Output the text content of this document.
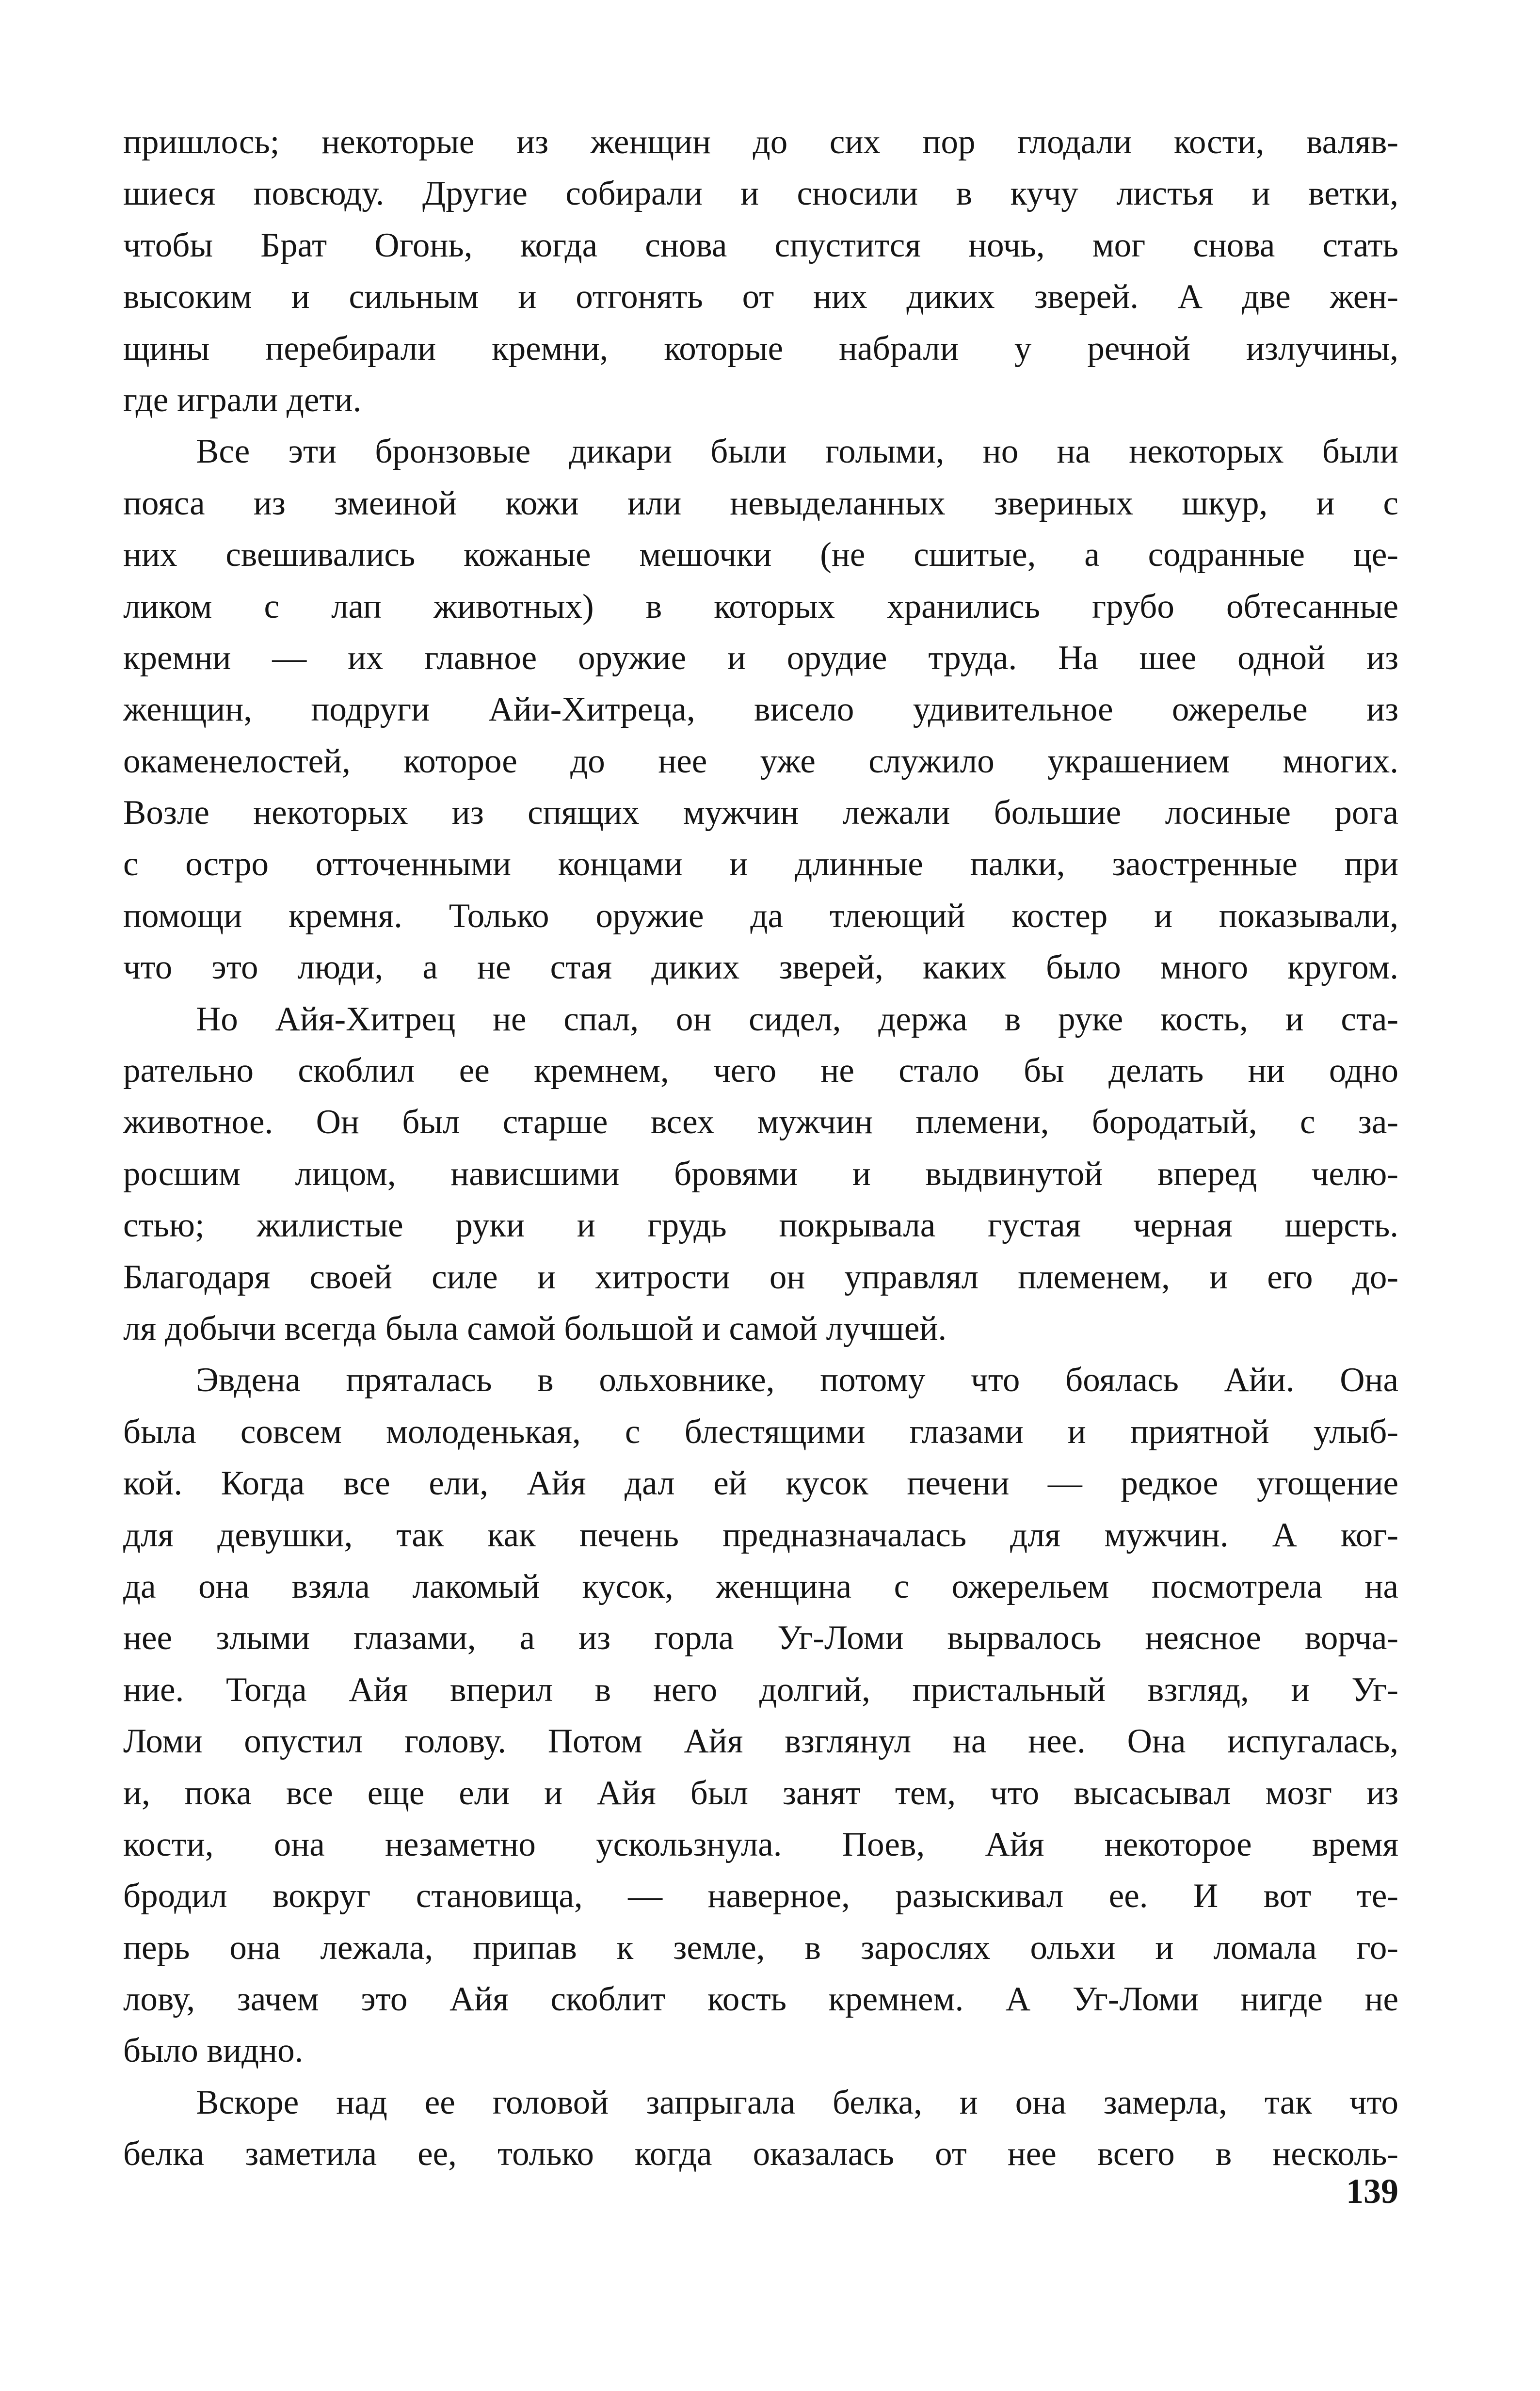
пришлось; некоторые из женщин до сих пор глодали кости, валяв-
шиеся повсюду. Другие собирали и сносили в кучу листья и ветки,
чтобы Брат Огонь, когда снова спустится ночь, мог снова стать
высоким и сильным и отгонять от них диких зверей. А две жен-
щины перебирали кремни, которые набрали у речной излучины,
где играли дети.
Все эти бронзовые дикари были голыми, но на некоторых были
пояса из змеиной кожи или невыделанных звериных шкур, и с
них свешивались кожаные мешочки (не сшитые, а содранные це-
ликом с лап животных) в которых хранились грубо обтесанные
кремни — их главное оружие и орудие труда. На шее одной из
женщин, подруги Айи-Хитреца, висело удивительное ожерелье из
окаменелостей, которое до нее уже служило украшением многих.
Возле некоторых из спящих мужчин лежали большие лосиные рога
с остро отточенными концами и длинные палки, заостренные при
помощи кремня. Только оружие да тлеющий костер и показывали,
что это люди, а не стая диких зверей, каких было много кругом.
Но Айя-Хитрец не спал, он сидел, держа в руке кость, и ста-
рательно скоблил ее кремнем, чего не стало бы делать ни одно
животное. Он был старше всех мужчин племени, бородатый, с за-
росшим лицом, нависшими бровями и выдвинутой вперед челю-
стью; жилистые руки и грудь покрывала густая черная шерсть.
Благодаря своей силе и хитрости он управлял племенем, и его до-
ля добычи всегда была самой большой и самой лучшей.
Эвдена пряталась в ольховнике, потому что боялась Айи. Она
была совсем молоденькая, с блестящими глазами и приятной улыб-
кой. Когда все ели, Айя дал ей кусок печени — редкое угощение
для девушки, так как печень предназначалась для мужчин. А ког-
да она взяла лакомый кусок, женщина с ожерельем посмотрела на
нее злыми глазами, а из горла Уг-Ломи вырвалось неясное ворча-
ние. Тогда Айя вперил в него долгий, пристальный взгляд, и Уг-
Ломи опустил голову. Потом Айя взглянул на нее. Она испугалась,
и, пока все еще ели и Айя был занят тем, что высасывал мозг из
кости, она незаметно ускользнула. Поев, Айя некоторое время
бродил вокруг становища, — наверное, разыскивал ее. И вот те-
перь она лежала, припав к земле, в зарослях ольхи и ломала го-
лову, зачем это Айя скоблит кость кремнем. А Уг-Ломи нигде не
было видно.
Вскоре над ее головой запрыгала белка, и она замерла, так что
белка заметила ее, только когда оказалась от нее всего в несколь-
139
